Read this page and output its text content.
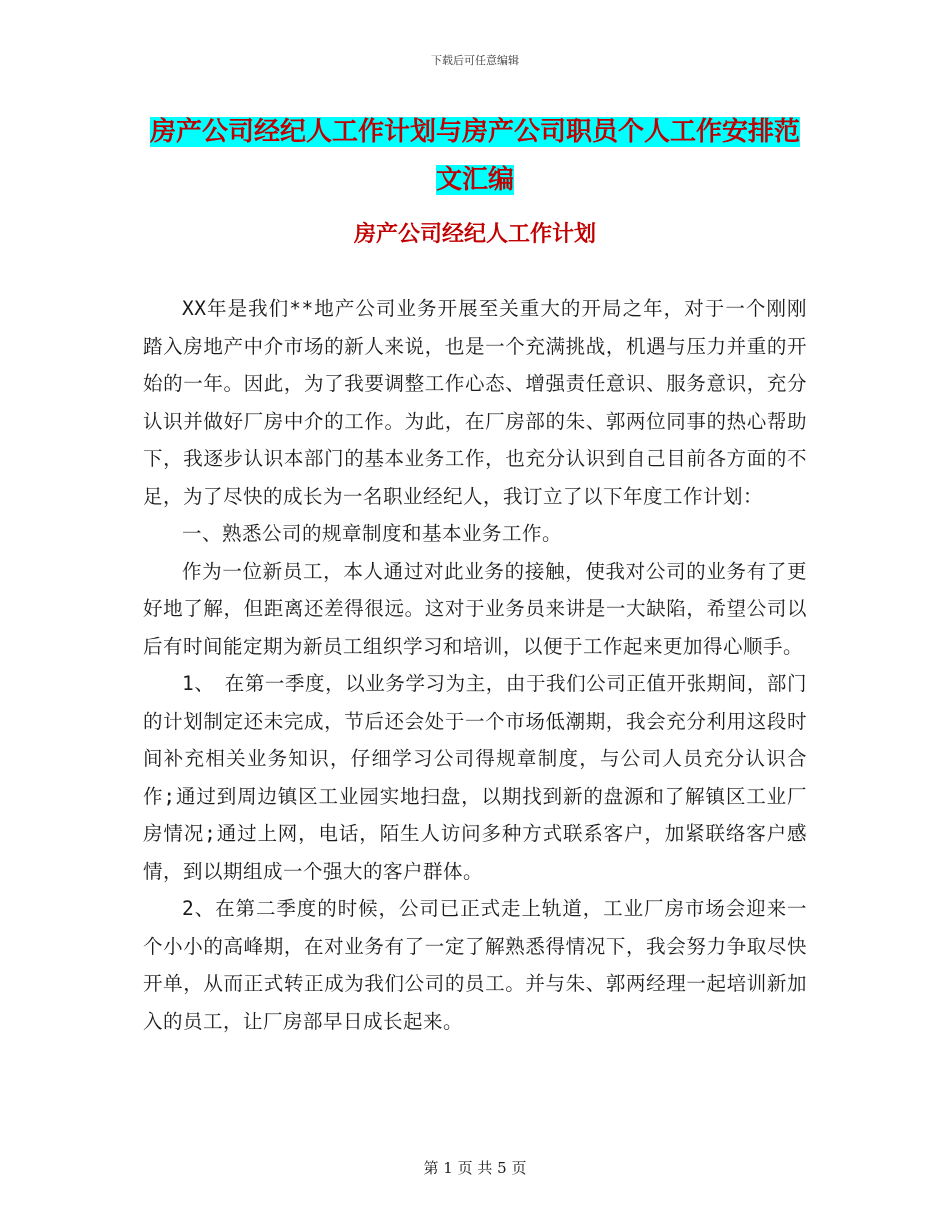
下载后可任意编辑
房产公司经纪人工作计划与房产公司职员个人工作安排范文汇编
房产公司经纪人工作计划

XX年是我们**地产公司业务开展至关重大的开局之年，对于一个刚刚踏入房地产中介市场的新人来说，也是一个充满挑战，机遇与压力并重的开始的一年。因此，为了我要调整工作心态、增强责任意识、服务意识，充分认识并做好厂房中介的工作。为此，在厂房部的朱、郭两位同事的热心帮助下，我逐步认识本部门的基本业务工作，也充分认识到自己目前各方面的不足，为了尽快的成长为一名职业经纪人，我订立了以下年度工作计划：

一、熟悉公司的规章制度和基本业务工作。

作为一位新员工，本人通过对此业务的接触，使我对公司的业务有了更好地了解，但距离还差得很远。这对于业务员来讲是一大缺陷，希望公司以后有时间能定期为新员工组织学习和培训，以便于工作起来更加得心顺手。

1、　在第一季度，以业务学习为主，由于我们公司正值开张期间，部门的计划制定还未完成，节后还会处于一个市场低潮期，我会充分利用这段时间补充相关业务知识，仔细学习公司得规章制度，与公司人员充分认识合作;通过到周边镇区工业园实地扫盘，以期找到新的盘源和了解镇区工业厂房情况;通过上网，电话，陌生人访问多种方式联系客户，加紧联络客户感情，到以期组成一个强大的客户群体。

2、在第二季度的时候，公司已正式走上轨道，工业厂房市场会迎来一个小小的高峰期，在对业务有了一定了解熟悉得情况下，我会努力争取尽快开单，从而正式转正成为我们公司的员工。并与朱、郭两经理一起培训新加入的员工，让厂房部早日成长起来。

第 1 页 共 5 页
